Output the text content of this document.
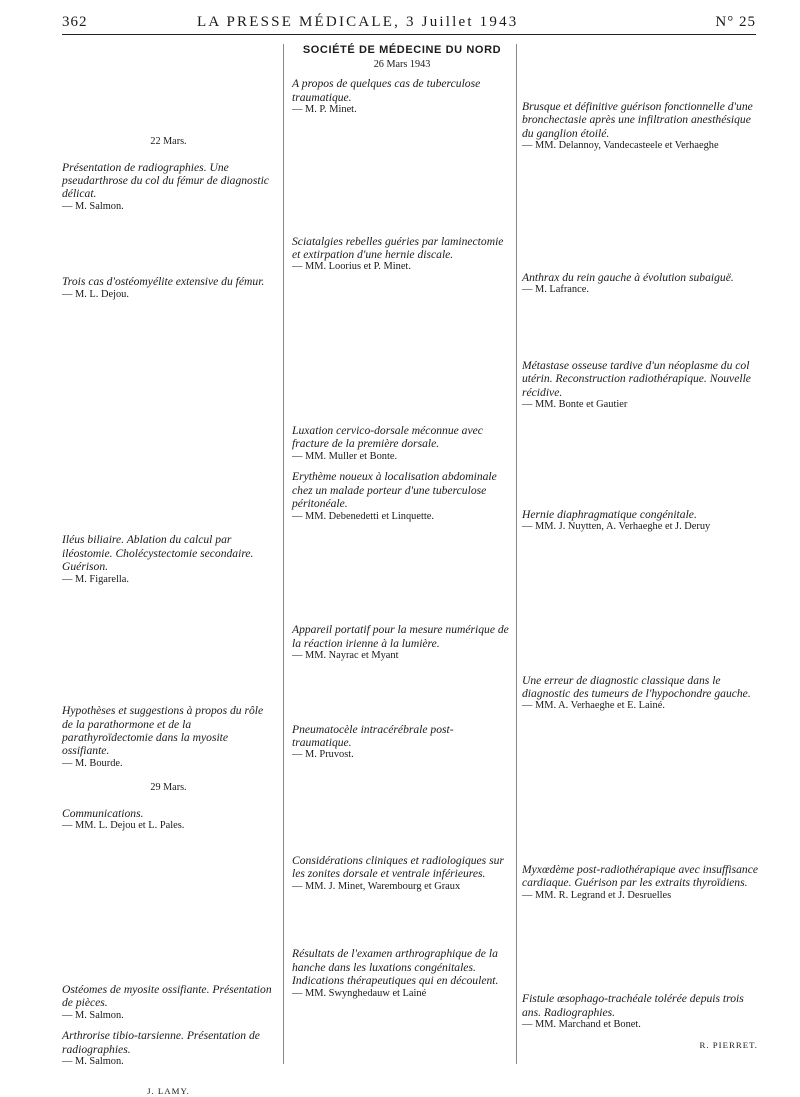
362	LA PRESSE MÉDICALE, 3 Juillet 1943	N° 25
22 Mars.
Présentation de radiographies. Une pseudarthrose du col du fémur de diagnostic délicat.
— M. Salmon.
Trois cas d'ostéomyélite extensive du fémur.
— M. L. Dejou.
Iléus biliaire. Ablation du calcul par iléostomie. Cholécystectomie secondaire. Guérison.
— M. Figarella.
Hypothèses et suggestions à propos du rôle de la parathormone et de la parathyroïdectomie dans la myosite ossifiante.
— M. Bourde.
29 Mars.
Communications.
— MM. L. Dejou et L. Pales.
Ostéomes de myosite ossifiante. Présentation de pièces.
— M. Salmon.
Arthrorise tibio-tarsienne. Présentation de radiographies.
— M. Salmon.
J. LAMY.
SOCIÉTÉ DE MÉDECINE DU NORD
26 Mars 1943
A propos de quelques cas de tuberculose traumatique.
— M. P. Minet.
Sciatalgies rebelles guéries par laminectomie et extirpation d'une hernie discale.
— MM. Loorius et P. Minet.
Luxation cervico-dorsale méconnue avec fracture de la première dorsale.
— MM. Muller et Bonte.
Erythème noueux à localisation abdominale chez un malade porteur d'une tuberculose péritonéale.
— MM. Debenedetti et Linquette.
Appareil portatif pour la mesure numérique de la réaction irienne à la lumière.
— MM. Nayrac et Myant
Pneumatocèle intracérébrale post-traumatique.
— M. Pruvost.
Considérations cliniques et radiologiques sur les zonites dorsale et ventrale inférieures.
— MM. J. Minet, Warembourg et Graux
Résultats de l'examen arthrographique de la hanche dans les luxations congénitales. Indications thérapeutiques qui en découlent.
— MM. Swynghedauw et Lainé
Brusque et définitive guérison fonctionnelle d'une bronchectasie après une infiltration anesthésique du ganglion étoilé.
— MM. Delannoy, Vandecasteele et Verhaeghe
Anthrax du rein gauche à évolution subaiguë.
— M. Lafrance.
Métastase osseuse tardive d'un néoplasme du col utérin. Reconstruction radiothérapique. Nouvelle récidive.
— MM. Bonte et Gautier
Hernie diaphragmatique congénitale.
— MM. J. Nuytten, A. Verhaeghe et J. Deruy
Une erreur de diagnostic classique dans le diagnostic des tumeurs de l'hypochondre gauche.
— MM. A. Verhaeghe et E. Lainé.
Myxœdème post-radiothérapique avec insuffisance cardiaque. Guérison par les extraits thyroïdiens.
— MM. R. Legrand et J. Desruelles
Fistule œsophago-trachéale tolérée depuis trois ans. Radiographies.
— MM. Marchand et Bonet.
R. PIERRET.
